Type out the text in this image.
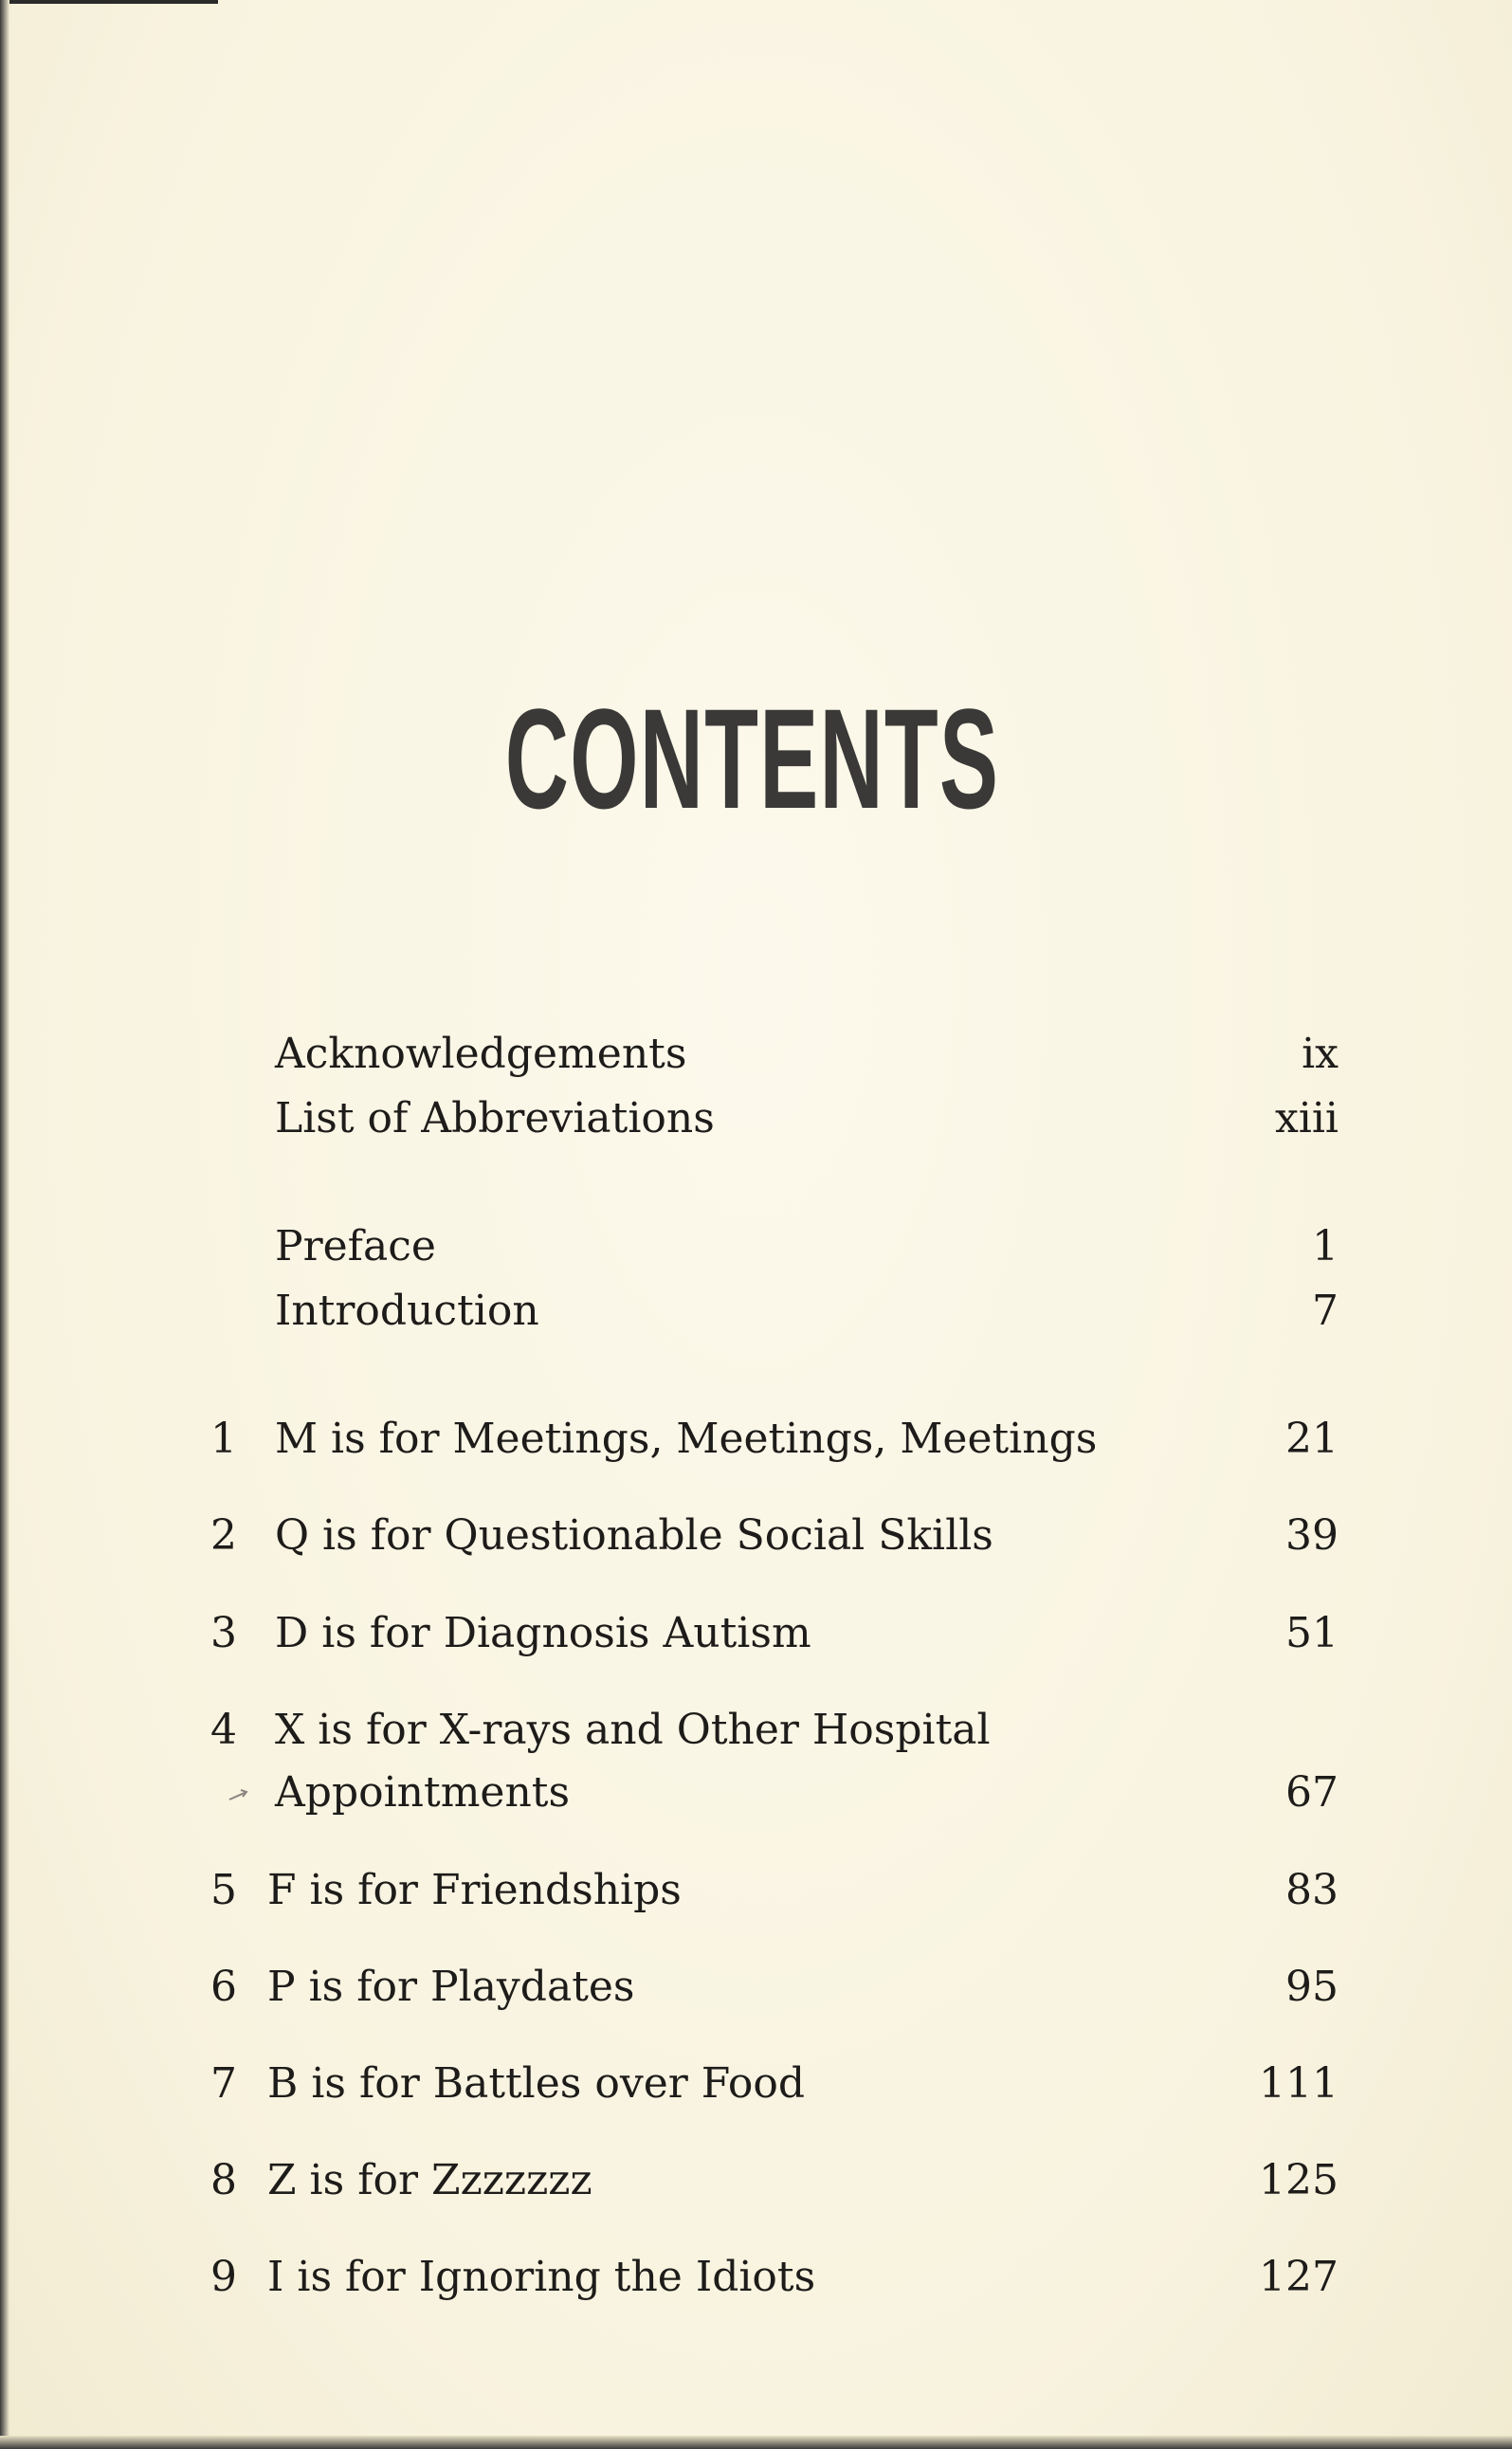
CONTENTS
Acknowledgements	ix
List of Abbreviations	xiii
Preface	1
Introduction	7
1 M is for Meetings, Meetings, Meetings	21
2 Q is for Questionable Social Skills	39
3 D is for Diagnosis Autism	51
4 X is for X-rays and Other Hospital
Appointments	67
5 F is for Friendships	83
6 P is for Playdates	95
7 B is for Battles over Food	111
8 Z is for Zzzzzzz	125
9 I is for Ignoring the Idiots	127
